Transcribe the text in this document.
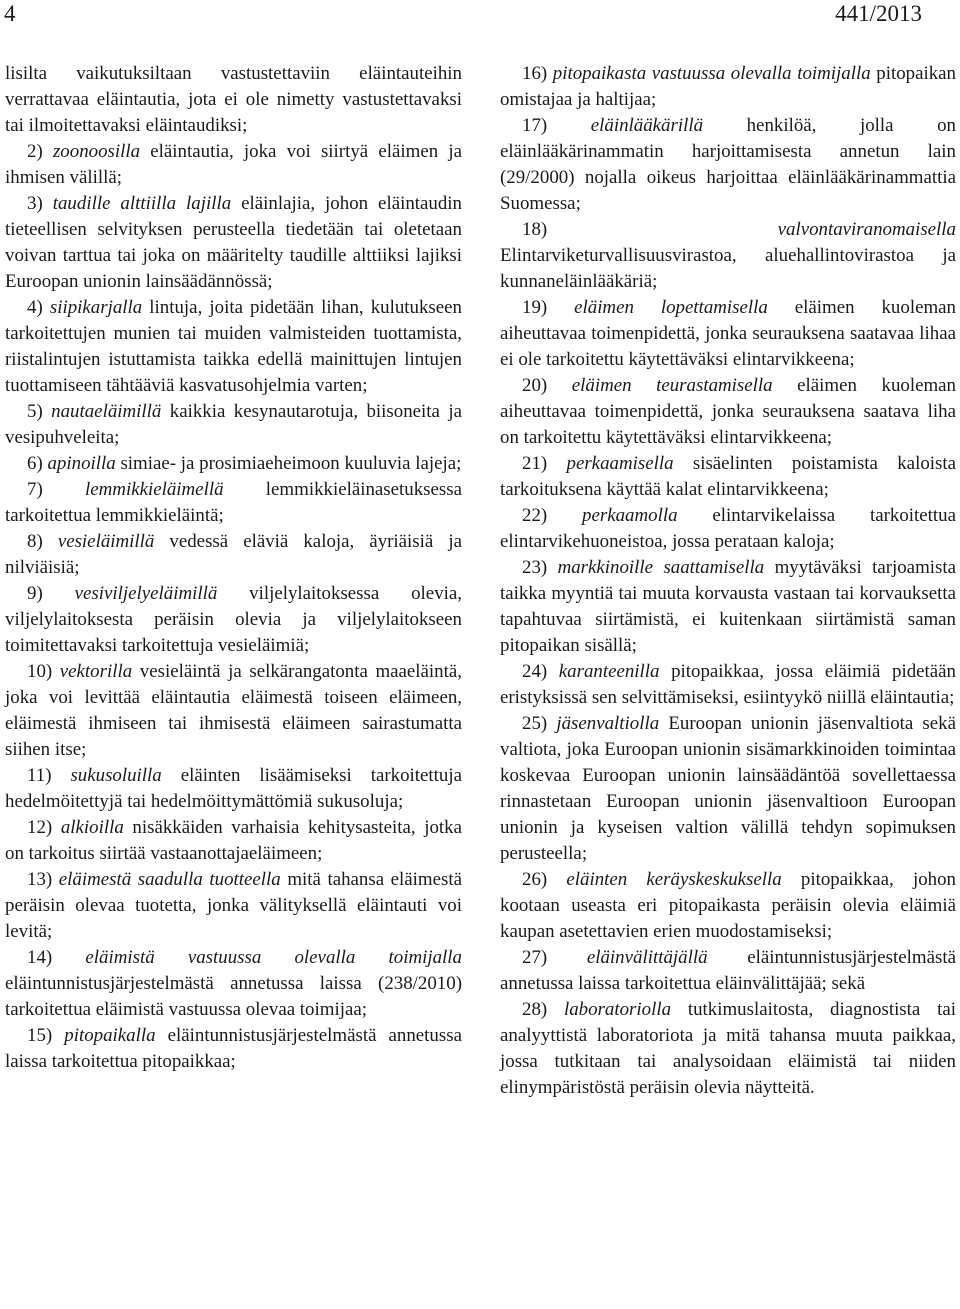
4	441/2013

lisilta vaikutuksiltaan vastustettaviin eläintauteihin verrattavaa eläintautia, jota ei ole nimetty vastustettavaksi tai ilmoitettavaksi eläintaudiksi;

2) zoonoosilla eläintautia, joka voi siirtyä eläimen ja ihmisen välillä;

3) taudille alttiilla lajilla eläinlajia, johon eläintaudin tieteellisen selvityksen perusteella tiedetään tai oletetaan voivan tarttua tai joka on määritelty taudille alttiiksi lajiksi Euroopan unionin lainsäädännössä;

4) siipikarjalla lintuja, joita pidetään lihan, kulutukseen tarkoitettujen munien tai muiden valmisteiden tuottamista, riistalintujen istuttamista taikka edellä mainittujen lintujen tuottamiseen tähtääviä kasvatusohjelmia varten;

5) nautaeläimillä kaikkia kesynautarotuja, biisoneita ja vesipuhveleita;

6) apinoilla simiae- ja prosimiaeheimoon kuuluvia lajeja;

7) lemmikkieläimellä lemmikkieläinasetuksessa tarkoitettua lemmikkieläintä;

8) vesieläimillä vedessä eläviä kaloja, äyriäisiä ja nilviäisiä;

9) vesiviljelyeläimillä viljelylaitoksessa olevia, viljelylaitoksesta peräisin olevia ja viljelylaitokseen toimitettavaksi tarkoitettuja vesieläimiä;

10) vektorilla vesieläintä ja selkärangatonta maaeläintä, joka voi levittää eläintautia eläimestä toiseen eläimeen, eläimestä ihmiseen tai ihmisestä eläimeen sairastumatta siihen itse;

11) sukusoluilla eläinten lisäämiseksi tarkoitettuja hedelmöitettyjä tai hedelmöittymättömiä sukusoluja;

12) alkioilla nisäkkäiden varhaisia kehitysasteita, jotka on tarkoitus siirtää vastaanottajaeläimeen;

13) eläimestä saadulla tuotteella mitä tahansa eläimestä peräisin olevaa tuotetta, jonka välityksellä eläintauti voi levitä;

14) eläimistä vastuussa olevalla toimijalla eläintunnistusjärjestelmästä annetussa laissa (238/2010) tarkoitettua eläimistä vastuussa olevaa toimijaa;

15) pitopaikalla eläintunnistusjärjestelmästä annetussa laissa tarkoitettua pitopaikkaa;

16) pitopaikasta vastuussa olevalla toimijalla pitopaikan omistajaa ja haltijaa;

17) eläinlääkärillä henkilöä, jolla on eläinlääkärinammatin harjoittamisesta annetun lain (29/2000) nojalla oikeus harjoittaa eläinlääkärinammattia Suomessa;

18)	valvontaviranomaisella Elintarviketurvallisuusvirastoa, aluehallintovirastoa ja kunnaneläinlääkäriä;

19) eläimen lopettamisella eläimen kuoleman aiheuttavaa toimenpidettä, jonka seurauksena saatavaa lihaa ei ole tarkoitettu käytettäväksi elintarvikkeena;

20) eläimen teurastamisella eläimen kuoleman aiheuttavaa toimenpidettä, jonka seurauksena saatava liha on tarkoitettu käytettäväksi elintarvikkeena;

21) perkaamisella sisäelinten poistamista kaloista tarkoituksena käyttää kalat elintarvikkeena;

22) perkaamolla elintarvikelaissa tarkoitettua elintarvikehuoneistoa, jossa perataan kaloja;

23) markkinoille saattamisella myytäväksi tarjoamista taikka myyntiä tai muuta korvausta vastaan tai korvauksetta tapahtuvaa siirtämistä, ei kuitenkaan siirtämistä saman pitopaikan sisällä;

24) karanteenilla pitopaikkaa, jossa eläimiä pidetään eristyksissä sen selvittämiseksi, esiintyykö niillä eläintautia;

25) jäsenvaltiolla Euroopan unionin jäsenvaltiota sekä valtiota, joka Euroopan unionin sisämarkkinoiden toimintaa koskevaa Euroopan unionin lainsäädäntöä sovellettaessa rinnastetaan Euroopan unionin jäsenvaltioon Euroopan unionin ja kyseisen valtion välillä tehdyn sopimuksen perusteella;

26) eläinten keräyskeskuksella pitopaikkaa, johon kootaan useasta eri pitopaikasta peräisin olevia eläimiä kaupan asetettavien erien muodostamiseksi;

27) eläinvälittäjällä eläintunnistusjärjestelmästä annetussa laissa tarkoitettua eläinvälittäjää; sekä

28) laboratoriolla tutkimuslaitosta, diagnostista tai analyyttistä laboratoriota ja mitä tahansa muuta paikkaa, jossa tutkitaan tai analysoidaan eläimistä tai niiden elinympäristöstä peräisin olevia näytteitä.
